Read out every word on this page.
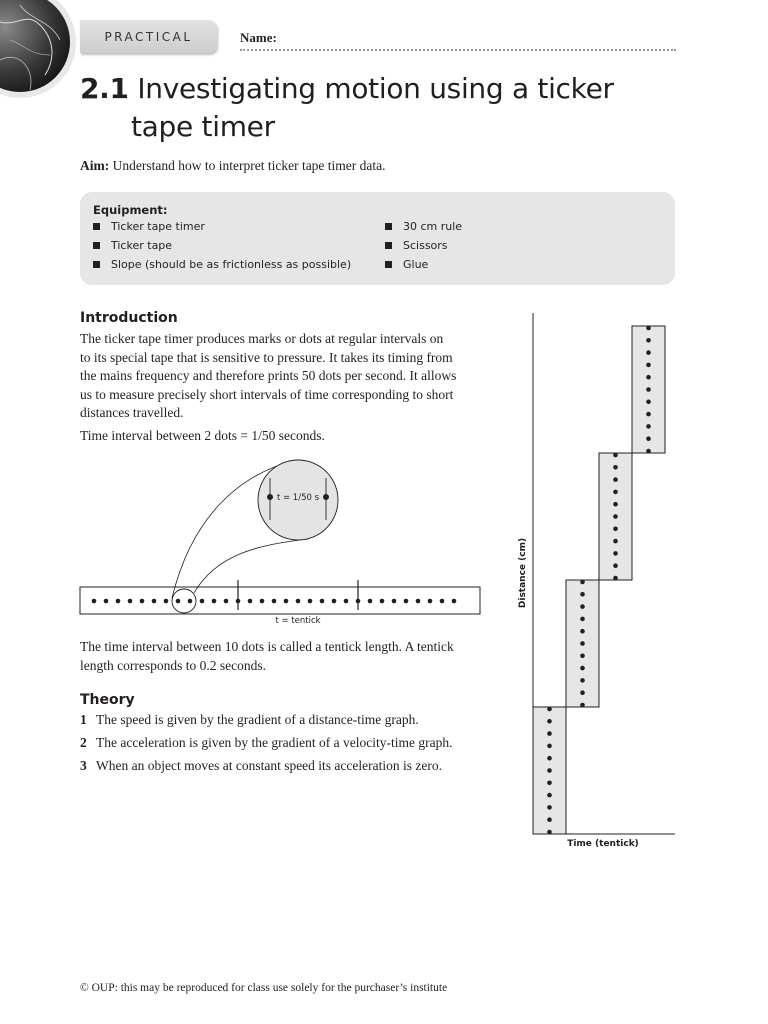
PRACTICAL	Name:
2.1 Investigating motion using a ticker
tape timer
Aim: Understand how to interpret ticker tape timer data.
Equipment:
Ticker tape timer
Ticker tape
Slope (should be as frictionless as possible)
30 cm rule
Scissors
Glue
Introduction

The ticker tape timer produces marks or dots at regular intervals on
to its special tape that is sensitive to pressure. It takes its timing from
the mains frequency and therefore prints 50 dots per second. It allows
us to measure precisely short intervals of time corresponding to short
distances travelled.

Time interval between 2 dots = 1/50 seconds.

t = 1/50 s
t = tentick

The time interval between 10 dots is called a tentick length. A tentick
length corresponds to 0.2 seconds.

Theory
1 The speed is given by the gradient of a distance-time graph.
2 The acceleration is given by the gradient of a velocity-time graph.
3 When an object moves at constant speed its acceleration is zero.
Distance (cm)
Time (tentick)
© OUP: this may be reproduced for class use solely for the purchaser’s institute
